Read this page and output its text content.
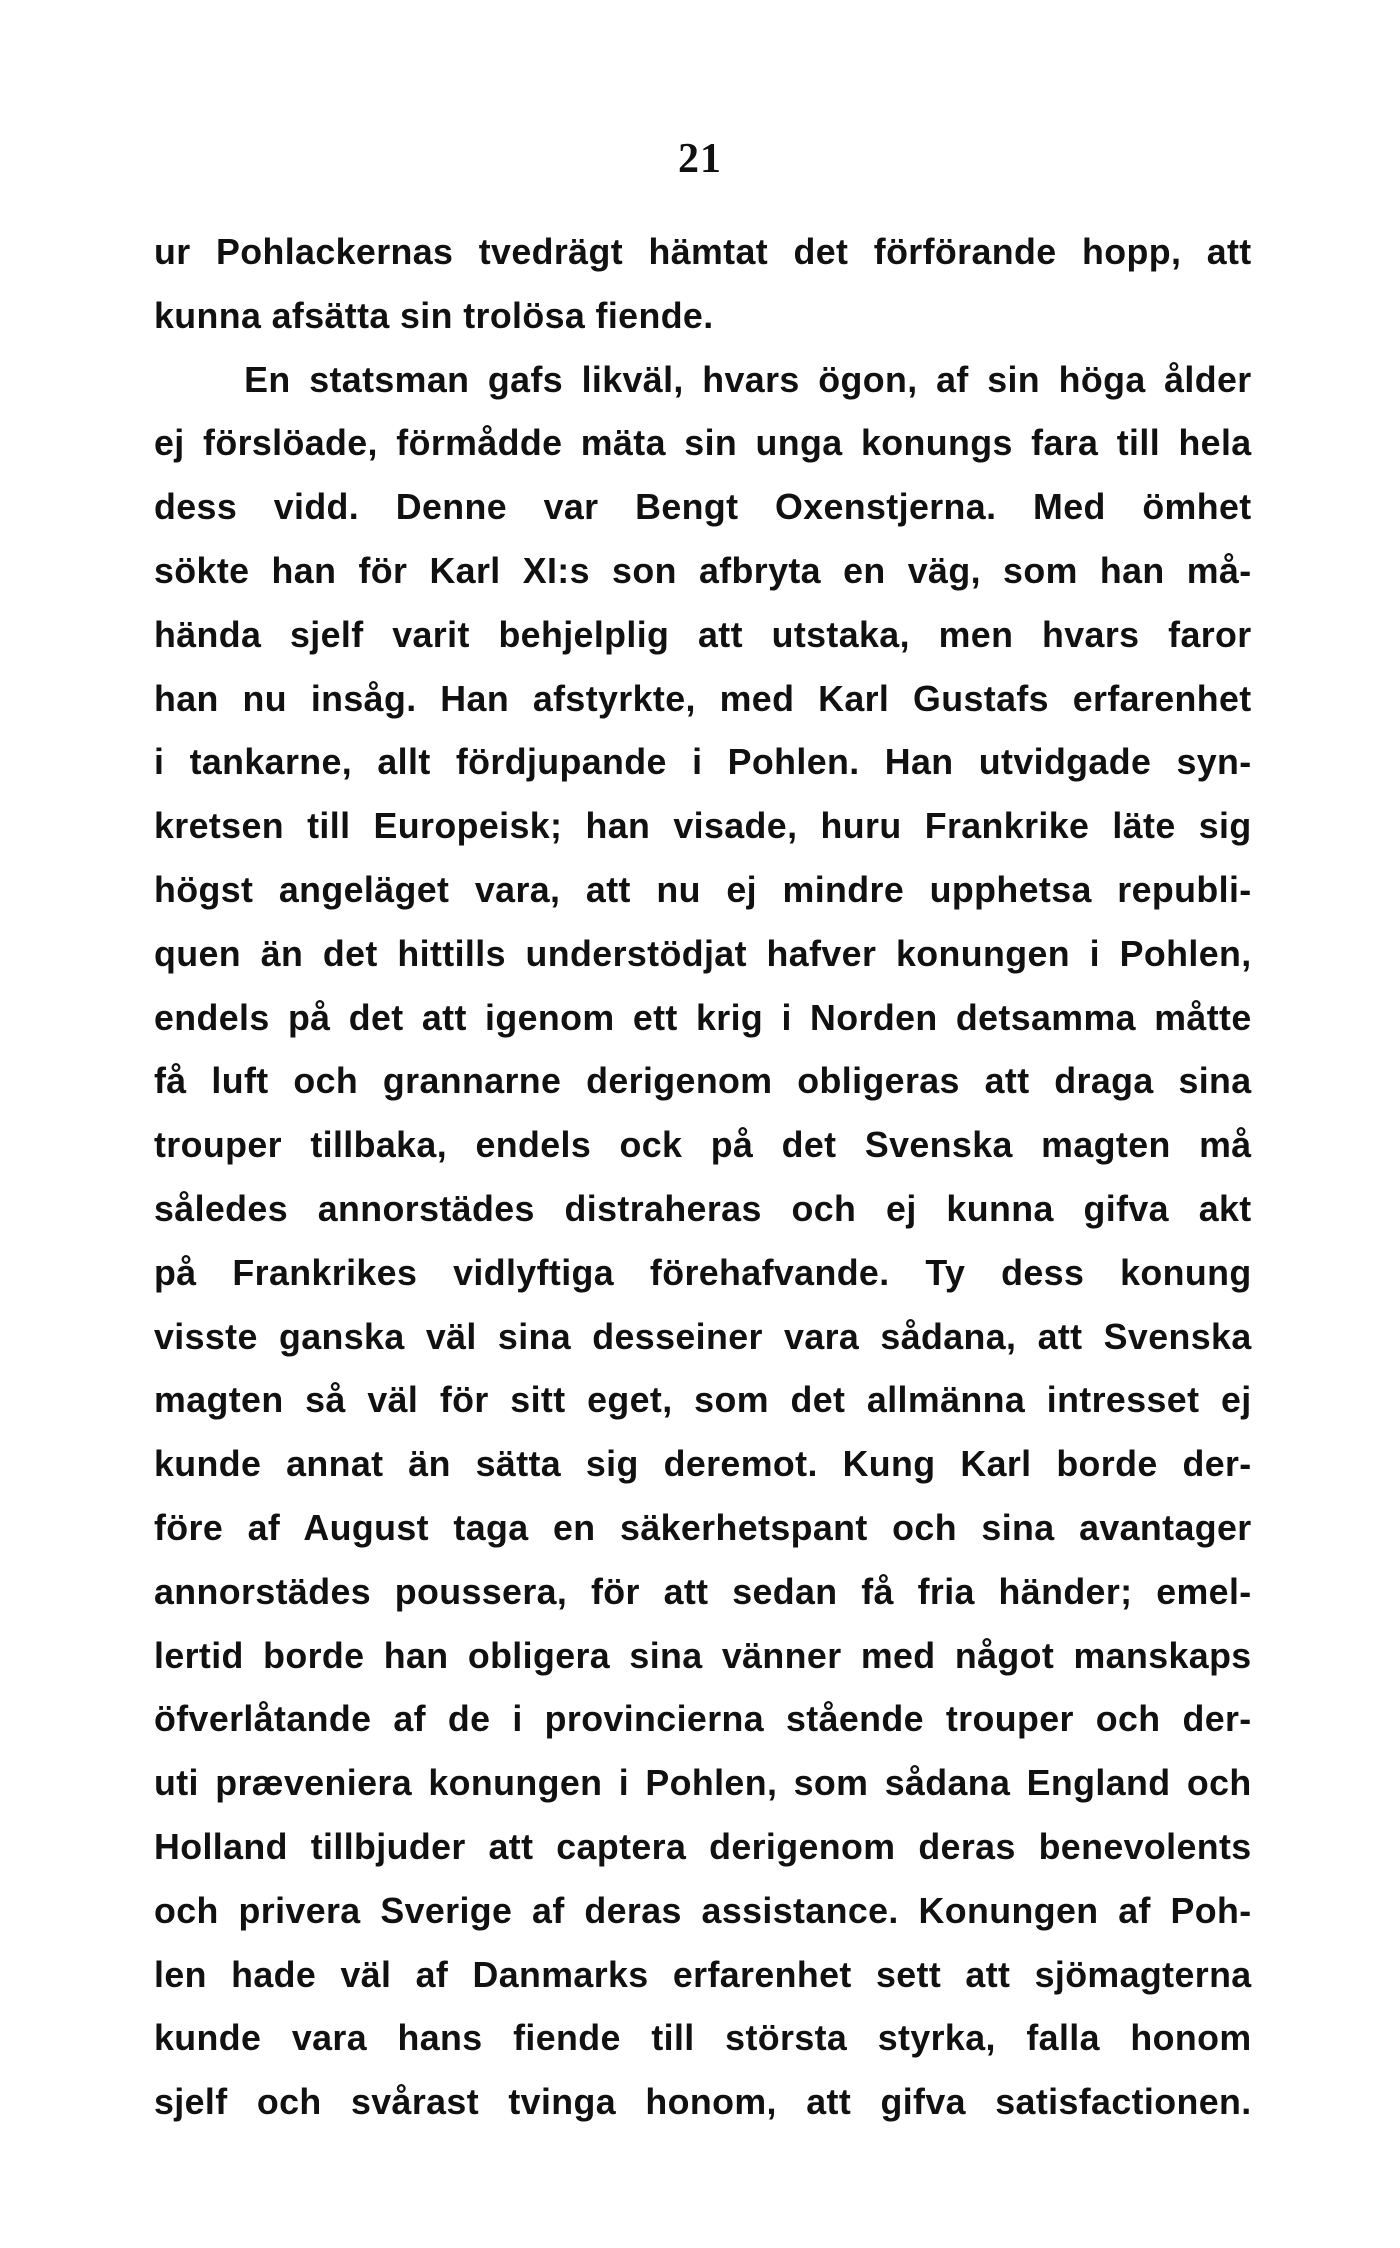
21
ur Pohlackernas tvedrägt hämtat det förförande hopp, att
kunna afsätta sin trolösa fiende.
En statsman gafs likväl, hvars ögon, af sin höga ålder
ej förslöade, förmådde mäta sin unga konungs fara till hela
dess vidd. Denne var Bengt Oxenstjerna. Med ömhet
sökte han för Karl XI:s son afbryta en väg, som han må-
hända sjelf varit behjelplig att utstaka, men hvars faror
han nu insåg. Han afstyrkte, med Karl Gustafs erfarenhet
i tankarne, allt fördjupande i Pohlen. Han utvidgade syn-
kretsen till Europeisk; han visade, huru Frankrike läte sig
högst angeläget vara, att nu ej mindre upphetsa republi-
quen än det hittills understödjat hafver konungen i Pohlen,
endels på det att igenom ett krig i Norden detsamma måtte
få luft och grannarne derigenom obligeras att draga sina
trouper tillbaka, endels ock på det Svenska magten må
således annorstädes distraheras och ej kunna gifva akt
på Frankrikes vidlyftiga förehafvande. Ty dess konung
visste ganska väl sina desseiner vara sådana, att Svenska
magten så väl för sitt eget, som det allmänna intresset ej
kunde annat än sätta sig deremot. Kung Karl borde der-
före af August taga en säkerhetspant och sina avantager
annorstädes poussera, för att sedan få fria händer; emel-
lertid borde han obligera sina vänner med något manskaps
öfverlåtande af de i provincierna stående trouper och der-
uti præveniera konungen i Pohlen, som sådana England och
Holland tillbjuder att captera derigenom deras benevolents
och privera Sverige af deras assistance. Konungen af Poh-
len hade väl af Danmarks erfarenhet sett att sjömagterna
kunde vara hans fiende till största styrka, falla honom
sjelf och svårast tvinga honom, att gifva satisfactionen.
